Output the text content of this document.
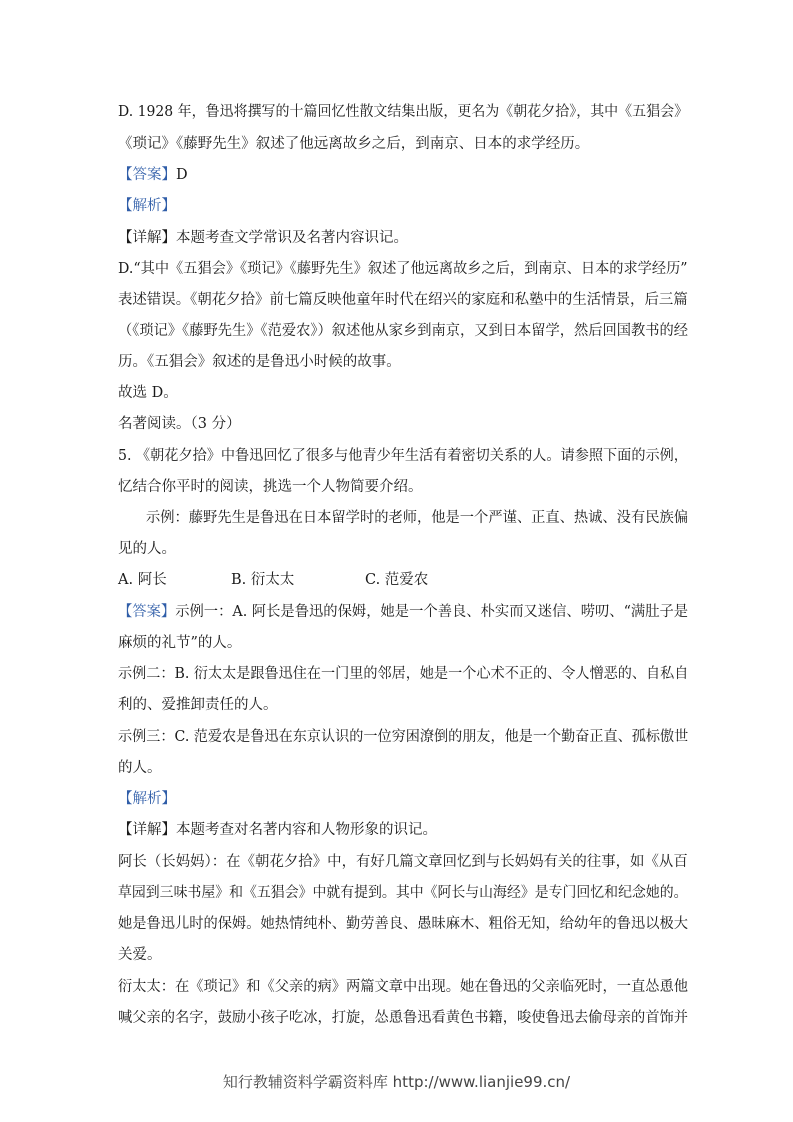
D. 1928 年，鲁迅将撰写的十篇回忆性散文结集出版，更名为《朝花夕拾》，其中《五猖会》
《琐记》《藤野先生》叙述了他远离故乡之后，到南京、日本的求学经历。
【答案】D
【解析】
【详解】本题考查文学常识及名著内容识记。
D.“其中《五猖会》《琐记》《藤野先生》叙述了他远离故乡之后，到南京、日本的求学经历”
表述错误。《朝花夕拾》前七篇反映他童年时代在绍兴的家庭和私塾中的生活情景，后三篇
（《琐记》《藤野先生》《范爱农》）叙述他从家乡到南京，又到日本留学，然后回国教书的经
历。《五猖会》叙述的是鲁迅小时候的故事。
故选 D。
名著阅读。（3 分）
5. 《朝花夕拾》中鲁迅回忆了很多与他青少年生活有着密切关系的人。请参照下面的示例，
忆结合你平时的阅读，挑选一个人物简要介绍。
示例：藤野先生是鲁迅在日本留学时的老师，他是一个严谨、正直、热诚、没有民族偏
见的人。
A. 阿长	B. 衍太太	C. 范爱农
【答案】示例一：A. 阿长是鲁迅的保姆，她是一个善良、朴实而又迷信、唠叨、“满肚子是
麻烦的礼节”的人。
示例二：B. 衍太太是跟鲁迅住在一门里的邻居，她是一个心术不正的、令人憎恶的、自私自
利的、爱推卸责任的人。
示例三：C. 范爱农是鲁迅在东京认识的一位穷困潦倒的朋友，他是一个勤奋正直、孤标傲世
的人。
【解析】
【详解】本题考查对名著内容和人物形象的识记。
阿长（长妈妈）：在《朝花夕拾》中，有好几篇文章回忆到与长妈妈有关的往事，如《从百
草园到三味书屋》和《五猖会》中就有提到。其中《阿长与山海经》是专门回忆和纪念她的。
她是鲁迅儿时的保姆。她热情纯朴、勤劳善良、愚昧麻木、粗俗无知，给幼年的鲁迅以极大
关爱。
衍太太：在《琐记》和《父亲的病》两篇文章中出现。她在鲁迅的父亲临死时，一直怂恿他
喊父亲的名字，鼓励小孩子吃冰，打旋，怂恿鲁迅看黄色书籍，唆使鲁迅去偷母亲的首饰并
知行教辅资料学霸资料库 http://www.lianjie99.cn/
